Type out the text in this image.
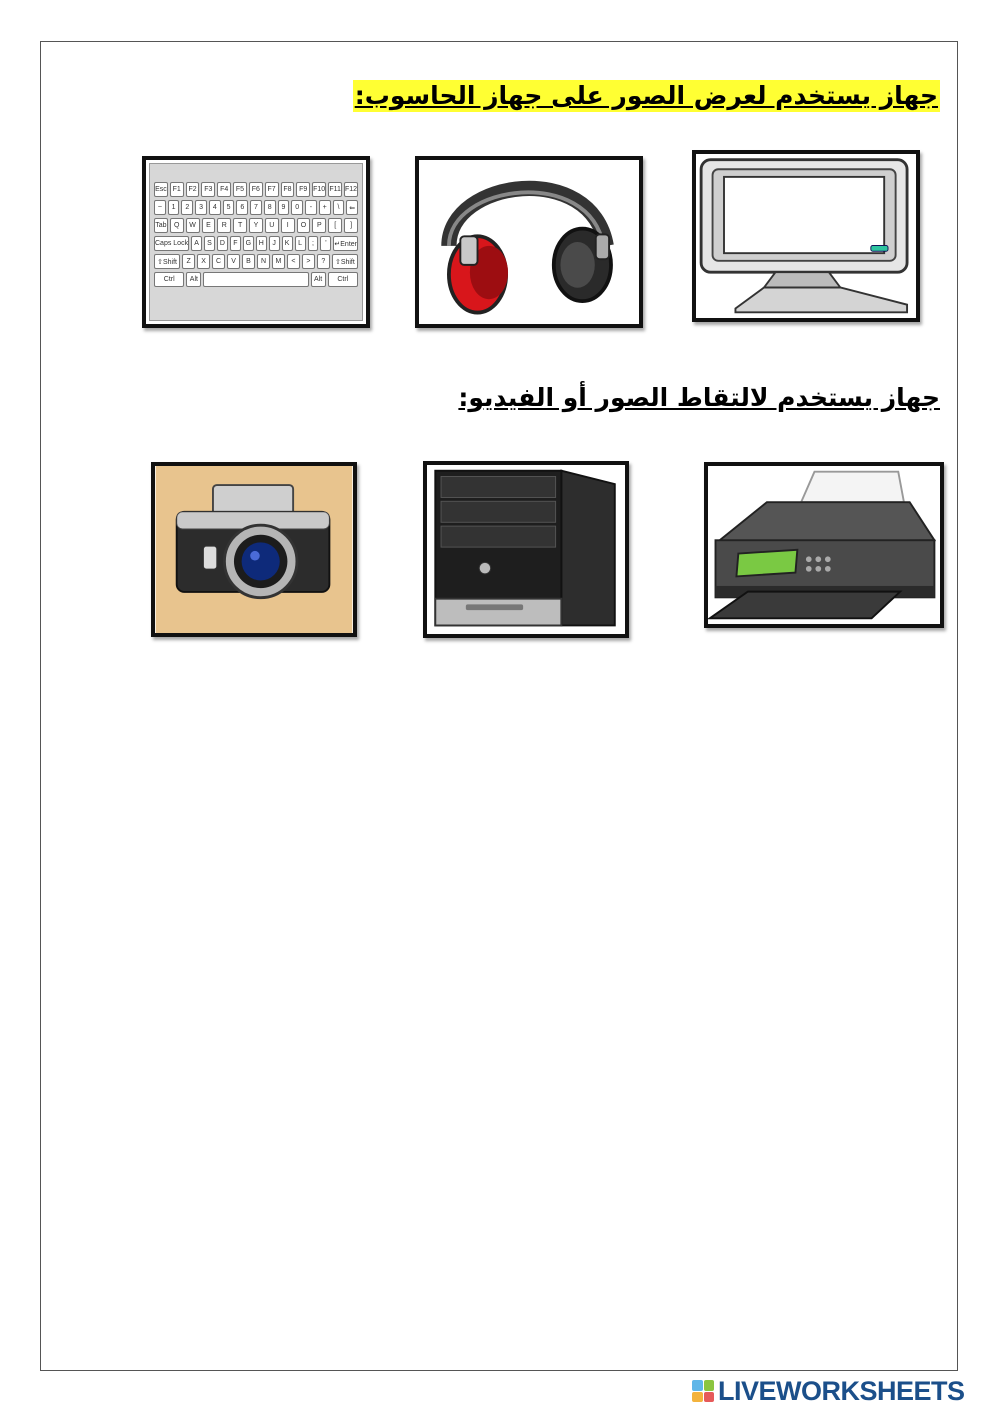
جهاز يستخدم لعرض الصور على جهاز الحاسوب:
Esc F1	F2	F3	F4	F5	F6	F7	F8	F9 F10 F11 F12
~	1	2	3	4	5	6	7	8	9	0	-	+	\	⇐
Tab	Q	W	E	R	T	Y	U	I	O	P	[	]
Caps Lock A	S	D	F	G	H	J	K	L	;	'	↵Enter
⇧Shift	Z	X	C	V	B	N	M	<	>	?	⇧Shift
Ctrl	Alt	Alt	Ctrl
جهاز يستخدم لالتقاط الصور أو الفيديو:
LIVEWORKSHEETS
